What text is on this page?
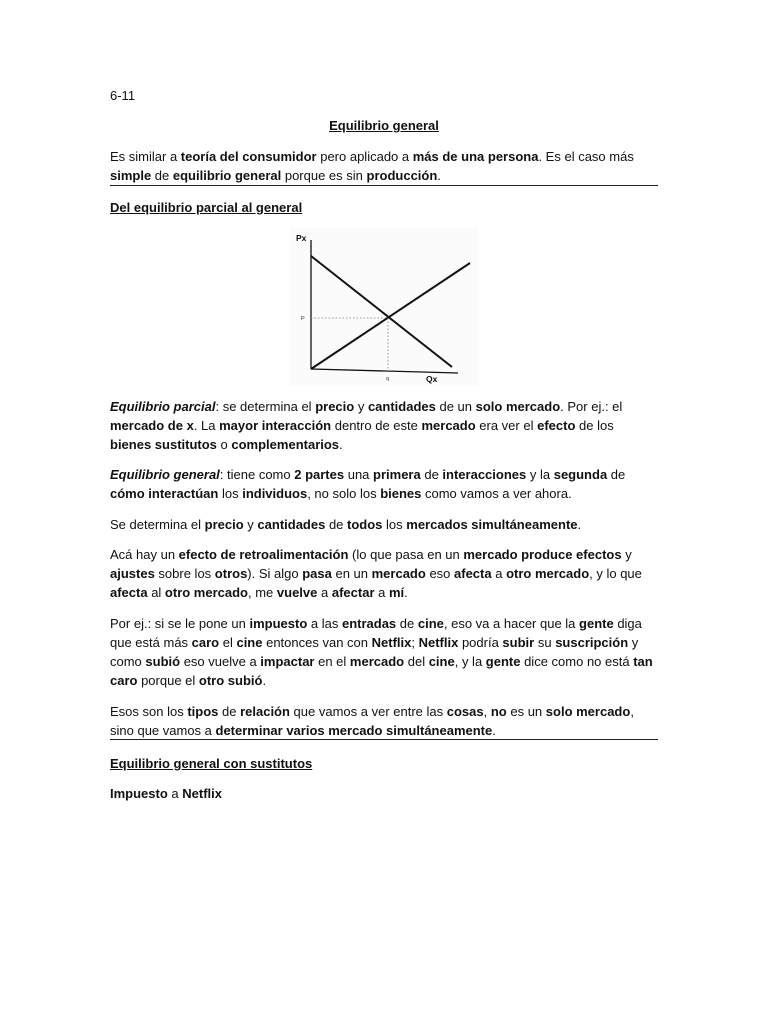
6-11

Equilibrio general

Es similar a teoría del consumidor pero aplicado a más de una persona. Es el caso más simple de equilibrio general porque es sin producción.

Del equilibrio parcial al general

Px
Qx
P
q

Equilibrio parcial: se determina el precio y cantidades de un solo mercado. Por ej.: el mercado de x. La mayor interacción dentro de este mercado era ver el efecto de los bienes sustitutos o complementarios.

Equilibrio general: tiene como 2 partes una primera de interacciones y la segunda de cómo interactúan los individuos, no solo los bienes como vamos a ver ahora.

Se determina el precio y cantidades de todos los mercados simultáneamente.

Acá hay un efecto de retroalimentación (lo que pasa en un mercado produce efectos y ajustes sobre los otros). Si algo pasa en un mercado eso afecta a otro mercado, y lo que afecta al otro mercado, me vuelve a afectar a mí.

Por ej.: si se le pone un impuesto a las entradas de cine, eso va a hacer que la gente diga que está más caro el cine entonces van con Netflix; Netflix podría subir su suscripción y como subió eso vuelve a impactar en el mercado del cine, y la gente dice como no está tan caro porque el otro subió.

Esos son los tipos de relación que vamos a ver entre las cosas, no es un solo mercado, sino que vamos a determinar varios mercado simultáneamente.

Equilibrio general con sustitutos

Impuesto a Netflix
